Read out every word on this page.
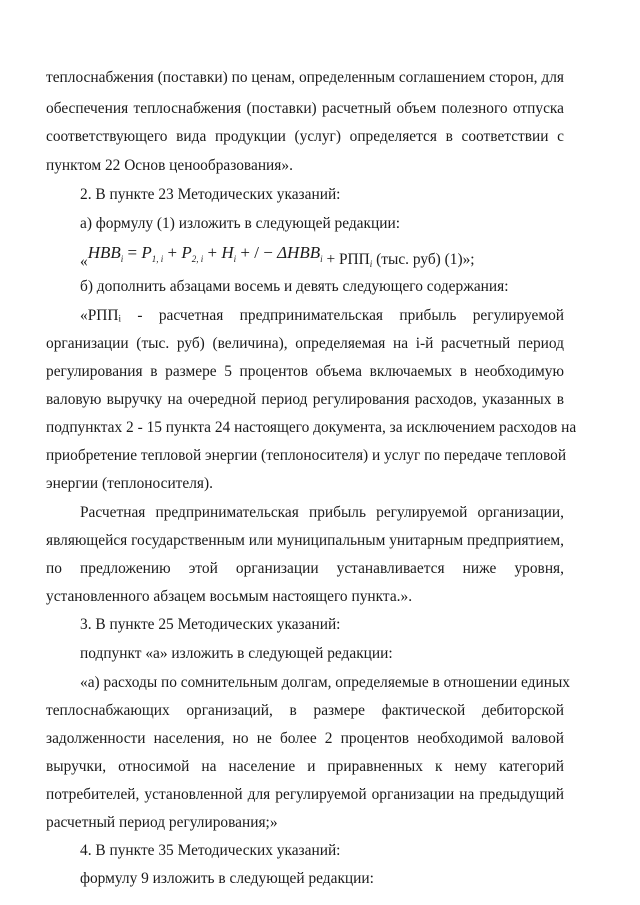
теплоснабжения (поставки) по ценам, определенным соглашением сторон, для
обеспечения теплоснабжения (поставки) расчетный объем полезного отпуска
соответствующего вида продукции (услуг) определяется в соответствии с
пунктом 22 Основ ценообразования».
2. В пункте 23 Методических указаний:
а) формулу (1) изложить в следующей редакции:
«$НВВ_i = P_{1, i} + P_{2, i} + H_i$ + / − $\Delta HBB_i + РПП_i$ (тыс. руб) (1)»;
б) дополнить абзацами восемь и девять следующего содержания:
«РППᵢ - расчетная предпринимательская прибыль регулируемой
организации (тыс. руб) (величина), определяемая на i-й расчетный период
регулирования в размере 5 процентов объема включаемых в необходимую
валовую выручку на очередной период регулирования расходов, указанных в
подпунктах 2 - 15 пункта 24 настоящего документа, за исключением расходов на
приобретение тепловой энергии (теплоносителя) и услуг по передаче тепловой
энергии (теплоносителя).
Расчетная предпринимательская прибыль регулируемой организации,
являющейся государственным или муниципальным унитарным предприятием,
по предложению этой организации устанавливается ниже уровня,
установленного абзацем восьмым настоящего пункта.».
3. В пункте 25 Методических указаний:
подпункт «а» изложить в следующей редакции:
«а) расходы по сомнительным долгам, определяемые в отношении единых
теплоснабжающих организаций, в размере фактической дебиторской
задолженности населения, но не более 2 процентов необходимой валовой
выручки, относимой на население и приравненных к нему категорий
потребителей, установленной для регулируемой организации на предыдущий
расчетный период регулирования;»
4. В пункте 35 Методических указаний:
формулу 9 изложить в следующей редакции:
